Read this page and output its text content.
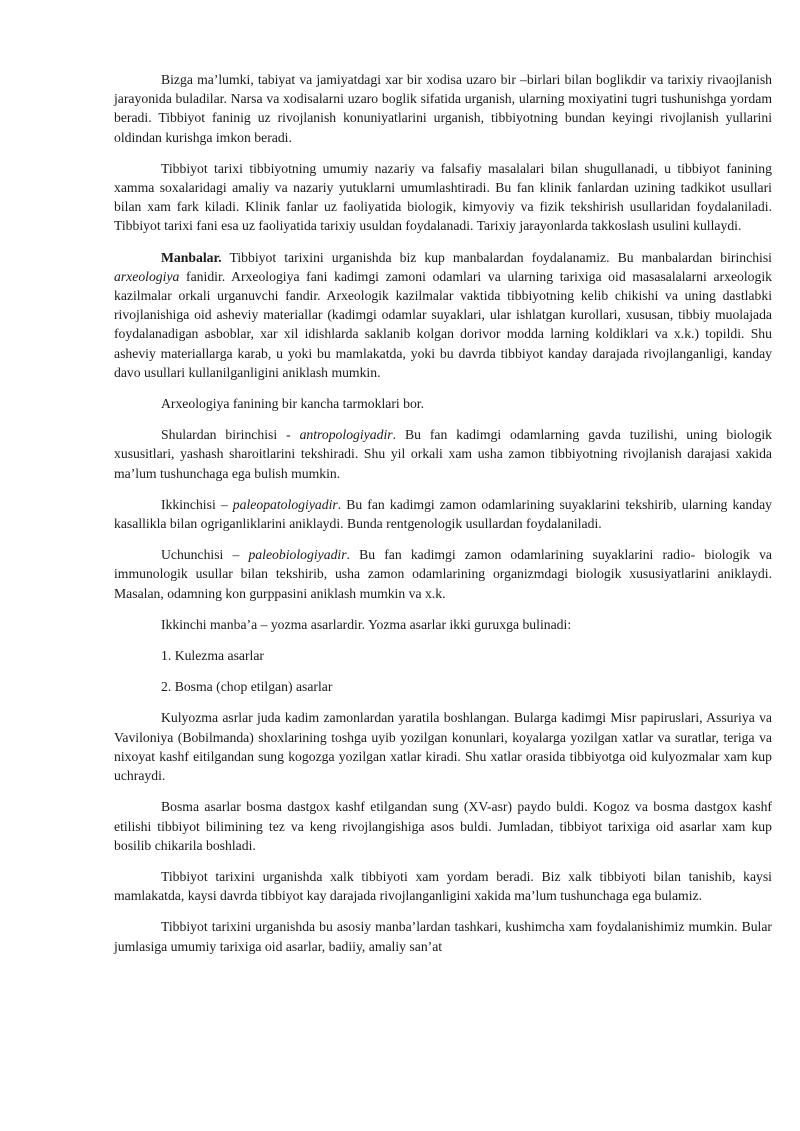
Bizga ma’lumki, tabiyat va jamiyatdagi xar bir xodisa uzaro bir –birlari bilan boglikdir va tarixiy rivaojlanish jarayonida buladilar. Narsa va xodisalarni uzaro boglik sifatida urganish, ularning moxiyatini tugri tushunishga yordam beradi. Tibbiyot faninig uz rivojlanish konuniyatlarini urganish, tibbiyotning bundan keyingi rivojlanish yullarini oldindan kurishga imkon beradi.

Tibbiyot tarixi tibbiyotning umumiy nazariy va falsafiy masalalari bilan shugullanadi, u tibbiyot fanining xamma soxalaridagi amaliy va nazariy yutuklarni umumlashtiradi. Bu fan klinik fanlardan uzining tadkikot usullari bilan xam fark kiladi. Klinik fanlar uz faoliyatida biologik, kimyoviy va fizik tekshirish usullaridan foydalaniladi. Tibbiyot tarixi fani esa uz faoliyatida tarixiy usuldan foydalanadi. Tarixiy jarayonlarda takkoslash usulini kullaydi.

Manbalar. Tibbiyot tarixini urganishda biz kup manbalardan foydalanamiz. Bu manbalardan birinchisi arxeologiya fanidir. Arxeologiya fani kadimgi zamoni odamlari va ularning tarixiga oid masasalalarni arxeologik kazilmalar orkali urganuvchi fandir. Arxeologik kazilmalar vaktida tibbiyotning kelib chikishi va uning dastlabki rivojlanishiga oid asheviy materiallar (kadimgi odamlar suyaklari, ular ishlatgan kurollari, xususan, tibbiy muolajada foydalanadigan asboblar, xar xil idishlarda saklanib kolgan dorivor modda larning koldiklari va x.k.) topildi. Shu asheviy materiallarga karab, u yoki bu mamlakatda, yoki bu davrda tibbiyot kanday darajada rivojlanganligi, kanday davo usullari kullanilganligini aniklash mumkin.

Arxeologiya fanining bir kancha tarmoklari bor.

Shulardan birinchisi - antropologiyadir. Bu fan kadimgi odamlarning gavda tuzilishi, uning biologik xususitlari, yashash sharoitlarini tekshiradi. Shu yil orkali xam usha zamon tibbiyotning rivojlanish darajasi xakida ma’lum tushunchaga ega bulish mumkin.

Ikkinchisi – paleopatologiyadir. Bu fan kadimgi zamon odamlarining suyaklarini tekshirib, ularning kanday kasallikla bilan ogriganliklarini aniklaydi. Bunda rentgenologik usullardan foydalaniladi.

Uchunchisi – paleobiologiyadir. Bu fan kadimgi zamon odamlarining suyaklarini radio- biologik va immunologik usullar bilan tekshirib, usha zamon odamlarining organizmdagi biologik xususiyatlarini aniklaydi. Masalan, odamning kon gurppasini aniklash mumkin va x.k.

Ikkinchi manba’a – yozma asarlardir. Yozma asarlar ikki guruxga bulinadi:

1. Kulezma asarlar

2. Bosma (chop etilgan) asarlar

Kulyozma asrlar juda kadim zamonlardan yaratila boshlangan. Bularga kadimgi Misr papiruslari, Assuriya va Vaviloniya (Bobilmanda) shoxlarining toshga uyib yozilgan konunlari, koyalarga yozilgan xatlar va suratlar, teriga va nixoyat kashf eitilgandan sung kogozga yozilgan xatlar kiradi. Shu xatlar orasida tibbiyotga oid kulyozmalar xam kup uchraydi.

Bosma asarlar bosma dastgox kashf etilgandan sung (XV-asr) paydo buldi. Kogoz va bosma dastgox kashf etilishi tibbiyot bilimining tez va keng rivojlangishiga asos buldi. Jumladan, tibbiyot tarixiga oid asarlar xam kup bosilib chikarila boshladi.

Tibbiyot tarixini urganishda xalk tibbiyoti xam yordam beradi. Biz xalk tibbiyoti bilan tanishib, kaysi mamlakatda, kaysi davrda tibbiyot kay darajada rivojlanganligini xakida ma’lum tushunchaga ega bulamiz.

Tibbiyot tarixini urganishda bu asosiy manba’lardan tashkari, kushimcha xam foydalanishimiz mumkin. Bular jumlasiga umumiy tarixiga oid asarlar, badiiy, amaliy san’at
